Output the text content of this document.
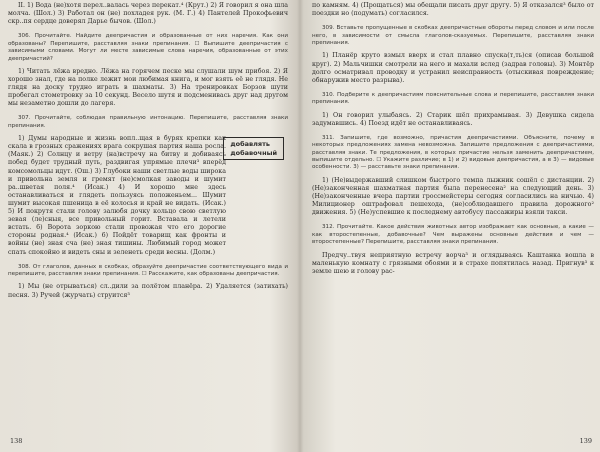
II. 1) Вода (не)хотя перел..валась через перекат.⁴ (Крут.) 2) Я говорил я она шла молча. (Шол.) 3) Работал он (не) похладея рук. (М. Г.) 4) Пантелей Прокофьевич скр..пя сердце доверял Дарье бычов. (Шол.)

306. Прочитайте. Найдите деепричастия и образованные от них наречия. Как они образованы? Перепишите, расставляя знаки препинания. ☐ Выпишите деепричастия с зависимыми словами. Могут ли месте зависимые слова наречия, образованные от этих деепричастий?

1) Читать лёжа вредно. Лёжа на горячем песке мы слушали шум прибоя. 2) Я хорошо знал, где на полке лежит мои любимая книга, и мог взять её не глядя. Не глядя на доску трудно играть в шахматы. 3) На тренировках Борзов шути пробегал стометровку за 10 секунд. Весело шутя и подсменивась друг над другом мы незаметно дошли до лагеря.

307. Прочитайте, соблюдая правильную интонацию. Перепишите, расставляя знаки препинания.

добавлять
добавочный

1) Думы народные и жизнь вопл..щая в бурях крепки как скала в грозных сражениях врага сокрушая партия наша росла. (Маяк.) 2) Солнцу и ветру (на)встречу на битву и добиваясь побед будет трудный путь, раздвигая упрямые плечи³ вперёд комсомольцы идут. (Ош.) 3) Глубоки наши светлые воды широка и привольна земля и гремят (не)смолкая заводы и шумит ра..шветая поля.⁴ (Исак.) 4) И хорошо мне здесь останавливаться и глядеть пользуясь положеньем... Шумит шумит высокая пшеница в её колосья и край не видать. (Исак.) 5) И покрутя стали голову залюбя дочку кольцо свою светлую зевая (ле)сныя, все привольный горит. Вставала и летели встать. 6) Ворота зоркою стали провожая что его дорогие стороны родная.⁴ (Исак.) 6) Пойдёт товарищ как фронты и войны (не) зная сча (не) зная тишины. Любимый город может спать спокойно и видеть сны и зеленеть среди весны. (Долм.)

308. От глаголов, данных в скобках, образуйте деепричастие соответствующего вида и перепишите, расставляя знаки препинания. ☐ Расскажите, как образованы деепричастия.

1) Мы (не отрываться) сл..дили за полётом планёра. 2) Удаляется (затихать) песня. 3) Ручей (журчать) струится³

138

по камням. 4) (Прощаться) мы обещали писать друг другу. 5) Я отказался³ было от поездки но (подумать) согласился.

309. Вставьте пропущенные в скобках деепричастные обороты перед словом и или после него, в зависимости от смысла глаголов-сказуемых. Перепишите, расставляя знаки препинания.

1) Планёр круто взмыл вверх и стал плавно спуска(т,ть)ся (описав большой круг). 2) Мальчишки смотрели на него и махали вслед (задрав головы). 3) Монтёр долго осматривал проводку и устранил неисправность (отыскивая повреждение; обнаружив место разрыва).

310. Подберите к деепричастиям пояснительные слова и перепишите, расставляя знаки препинания.

1) Он говорил улыбаясь. 2) Старик шёл прихрамывая. 3) Девушка сидела задумавшись. 4) Поезд идёт не останавливаясь.

311. Запишите, где возможно, причастия деепричастиями. Объясните, почему в некоторых предложениях замена невозможна. Запишите предложения с деепричастиями, расставляя знаки. Те предложения, в которых причастие нельзя заменить деепричастием, выпишите отдельно. ☐ Укажите различие; в 1) и 2) видовые деепричастия, а в 3) — видовые особенности. 3) — расставьте знаки препинания.

1) (Не)выдержавший слишком быстрого темпа лыжник сошёл с дистанции. 2) (Не)законченная шахматная партия была перенесена² на следующий день. 3) (Не)законченные вчера партии гроссмейстеры сегодня согласились на ничью. 4) Милиционер оштрафовал пешехода, (не)соблюдавшего правила дорожного² движения. 5) (Не)успевшие к последнему автобусу пассажиры взяли такси.

312. Прочитайте. Какое действия животных автор изображает как основные, а какие — как второстепенные, добавочные? Чем выражены основные действия и чем — второстепенные? Перепишите, расставляя знаки препинания.

Предчу..твуя неприятную встречу ворча³ и оглядываясь Каштанка вошла в маленькую комнату с грязными обоями и в страхе попятилась назад. Пригнув³ к земле шею и голову рас-

139
